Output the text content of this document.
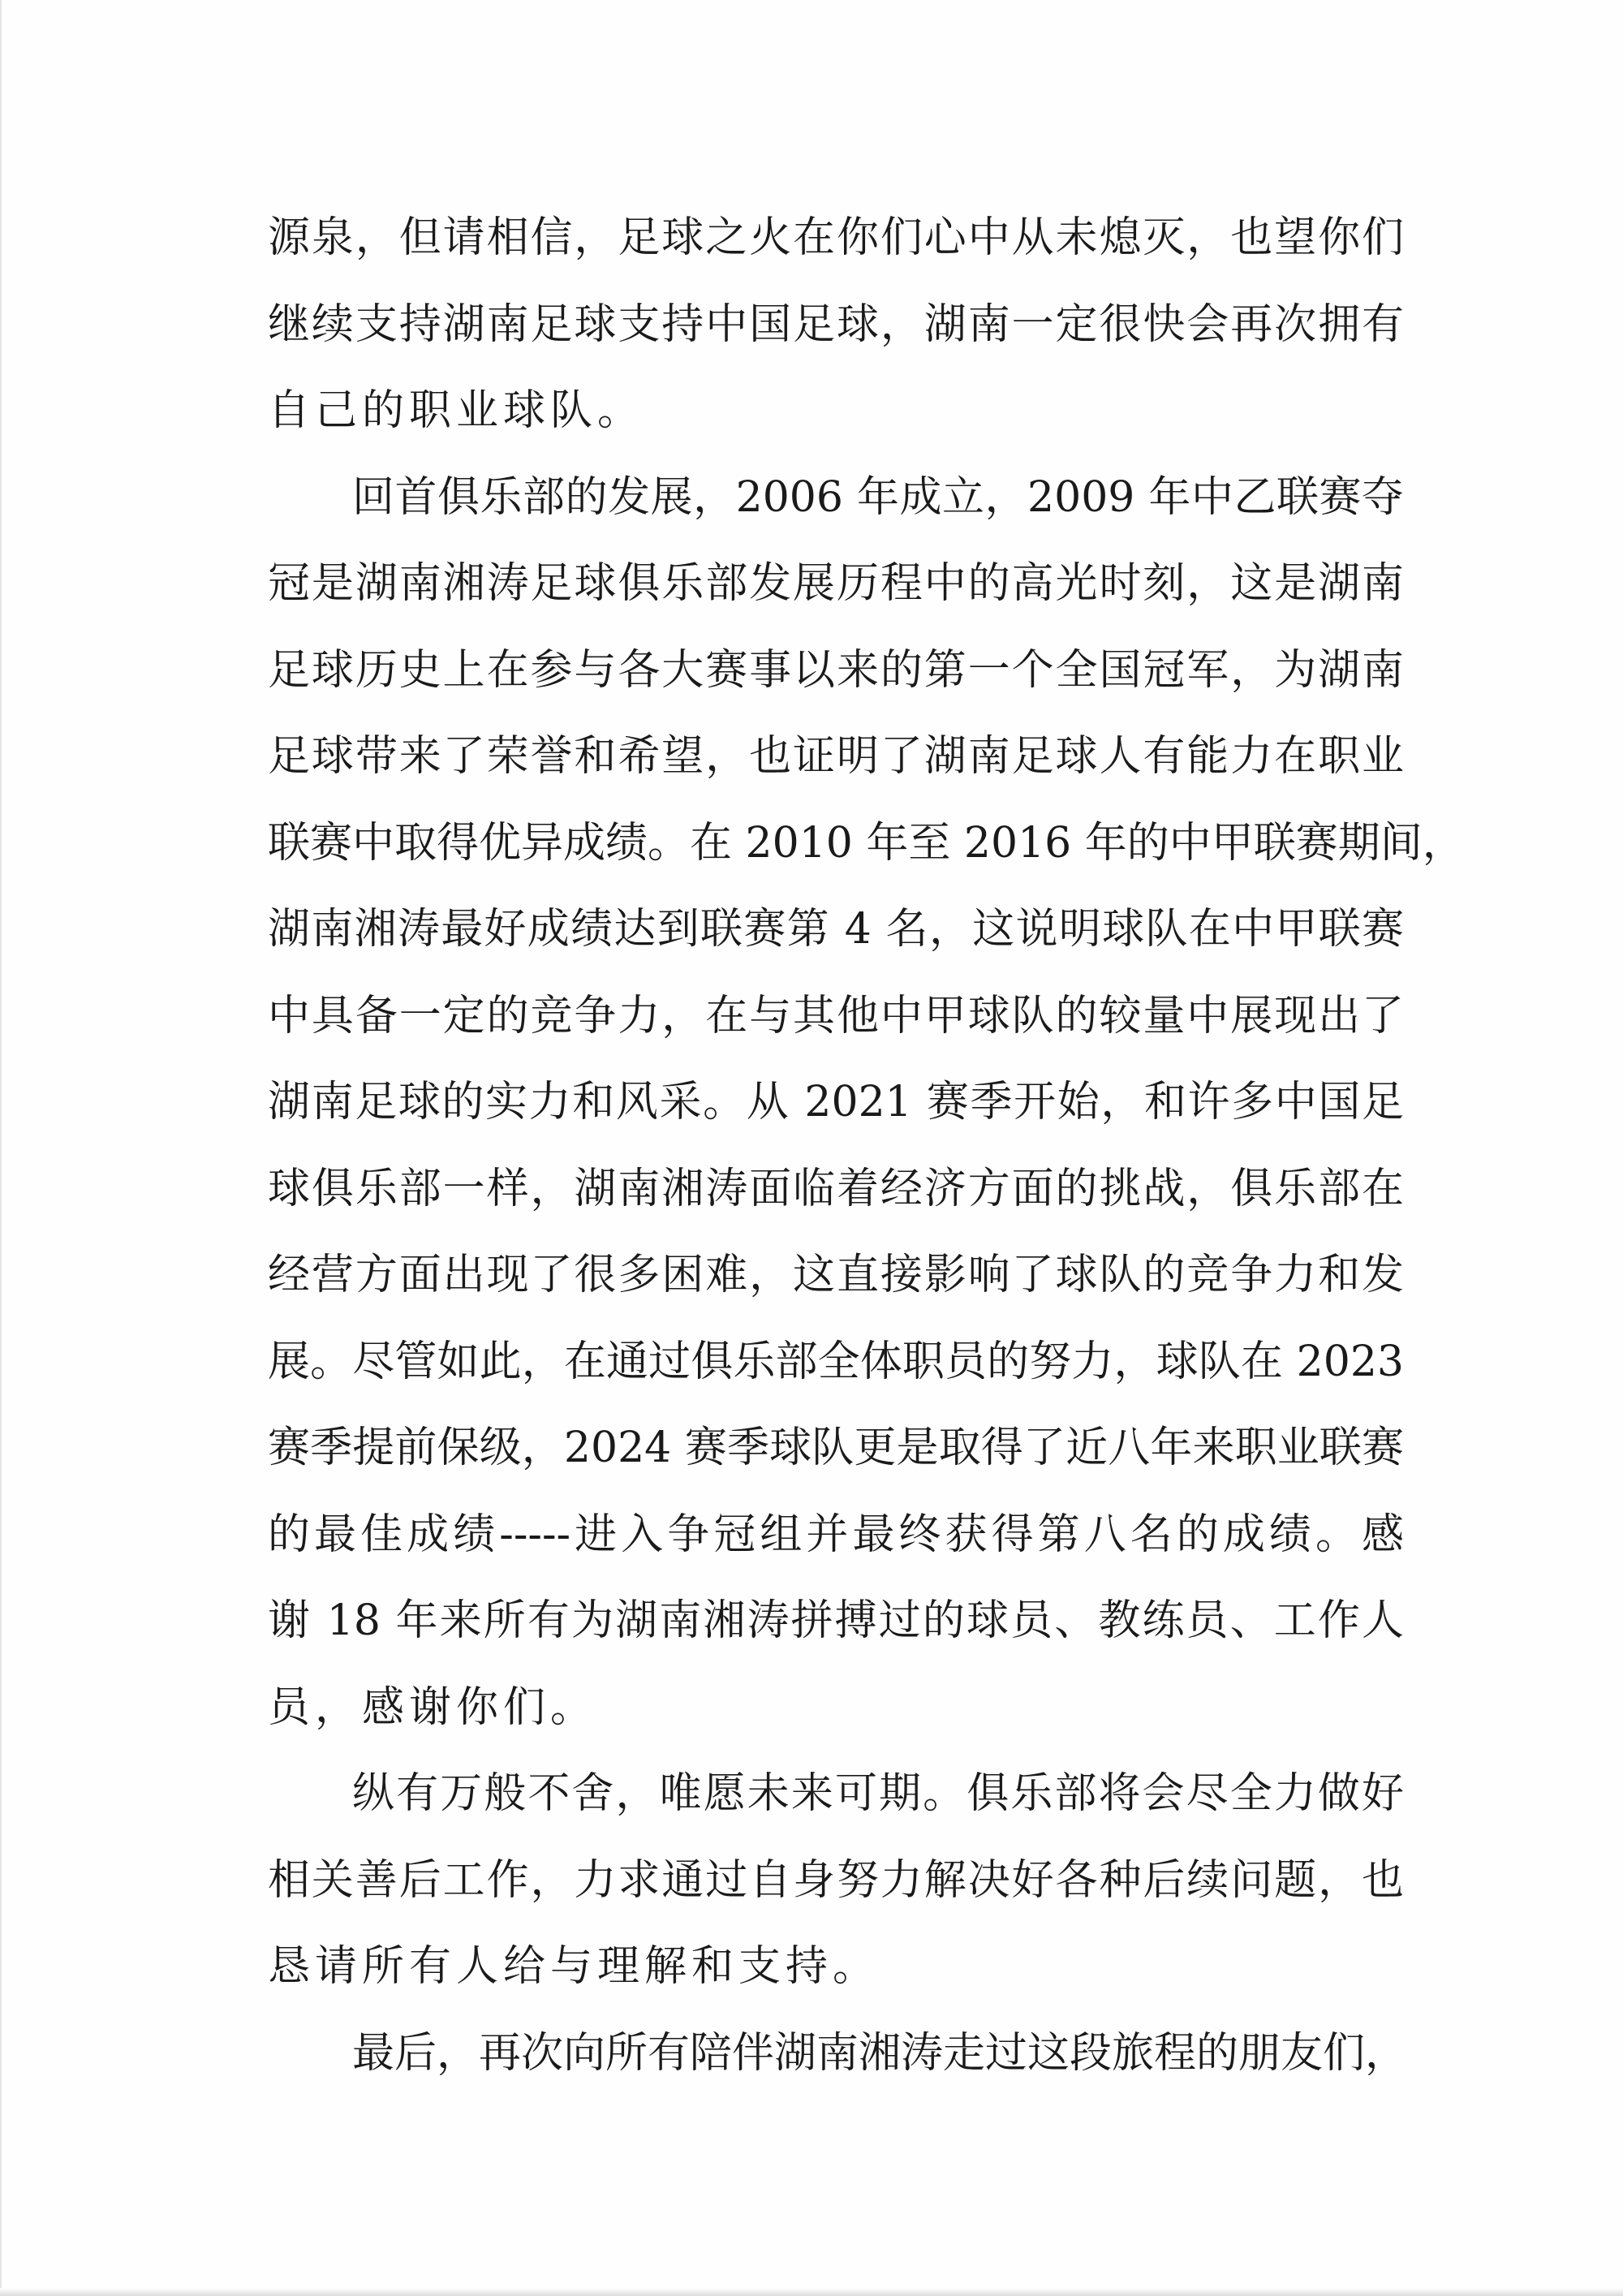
源泉，但请相信，足球之火在你们心中从未熄灭，也望你们
继续支持湖南足球支持中国足球，湖南一定很快会再次拥有
自己的职业球队。
回首俱乐部的发展，2006 年成立，2009 年中乙联赛夺
冠是湖南湘涛足球俱乐部发展历程中的高光时刻，这是湖南
足球历史上在参与各大赛事以来的第一个全国冠军，为湖南
足球带来了荣誉和希望，也证明了湖南足球人有能力在职业
联赛中取得优异成绩。在 2010 年至 2016 年的中甲联赛期间，
湖南湘涛最好成绩达到联赛第 4 名，这说明球队在中甲联赛
中具备一定的竞争力，在与其他中甲球队的较量中展现出了
湖南足球的实力和风采。从 2021 赛季开始，和许多中国足
球俱乐部一样，湖南湘涛面临着经济方面的挑战，俱乐部在
经营方面出现了很多困难，这直接影响了球队的竞争力和发
展。尽管如此，在通过俱乐部全体职员的努力，球队在 2023
赛季提前保级，2024 赛季球队更是取得了近八年来职业联赛
的最佳成绩-----进入争冠组并最终获得第八名的成绩。感
谢 18 年来所有为湖南湘涛拼搏过的球员、教练员、工作人
员，感谢你们。
纵有万般不舍，唯愿未来可期。俱乐部将会尽全力做好
相关善后工作，力求通过自身努力解决好各种后续问题，也
恳请所有人给与理解和支持。
最后，再次向所有陪伴湖南湘涛走过这段旅程的朋友们，
